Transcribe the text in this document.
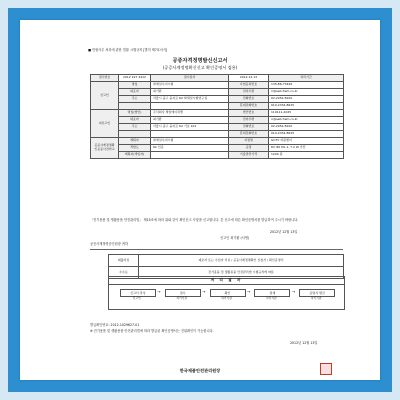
■ 민원사무 처리에 관한 법률 시행규칙 [별지 제7호서식]
공증자격정명발신신고서
(공증사계정명확신신고 확인증명서 겸용)
접수번호	2012 197 4412	접수일자	2012.12.13	처리기간	
신고인	명칭	㈜세일수지시험	사업등록번호	135-86-73426	
	대표자	최기환	전자우편	ir@seilchem.co.kr	
	주소	서울시 중구 을지로 62 ㈜세일시험연구실	전화번호	02-2052-8100	
			휴대전화번호	010-2334-8625	
피신고인	명칭(법인)	주식회사 세일에이치앤	법인번호	110111-4025	
	대표자	최기환	전자우편	ir@seilchem.co.kr	
	주소	서울시 중구 을지로 62 기호 101	전화번호	02-2052-8100	
			휴대전화번호	010-2334-8625	
공증사계정명확인공증사전학교	계획자	㈜세일수지시험	지점명	GCTV 지원센터	
	적합도	KC 인증	공정	DC 80 ML 1, 7.2 W 가산	
	계획자(책임자)		기술관련가격	1200 원	
「전기용품 및 생활용품 안전관리법」 제15조에 따라 위와 같이 확인신고 사항을 신고합니다. 본 신고에 따른 확인증명서를 발급하여 주시기 바랍니다.
2012년 12월 13일
신고인 최기환 (서명)
공증사계정명증인원장 귀하
제출서류	제조자 또는 수입자 서류 / 공증사계정명확인 신청서 / 확인증명서
수수료	전기용품 및 생활용품 안전관리법 시행규칙에 따름
처 리 절 차
신고서 작성
신고인
→	접수
처리기관
→	확인
처리기관
→	결재
처리기관
→	증명서 발급
처리기관
발급확인번호: 2012-1029627-01
※ 전기용품 및 생활용품 안전관리법에 따라 발급된 확인증명서는 진위확인이 가능합니다.
2012년 12월 13일
한국제품안전관리원장
